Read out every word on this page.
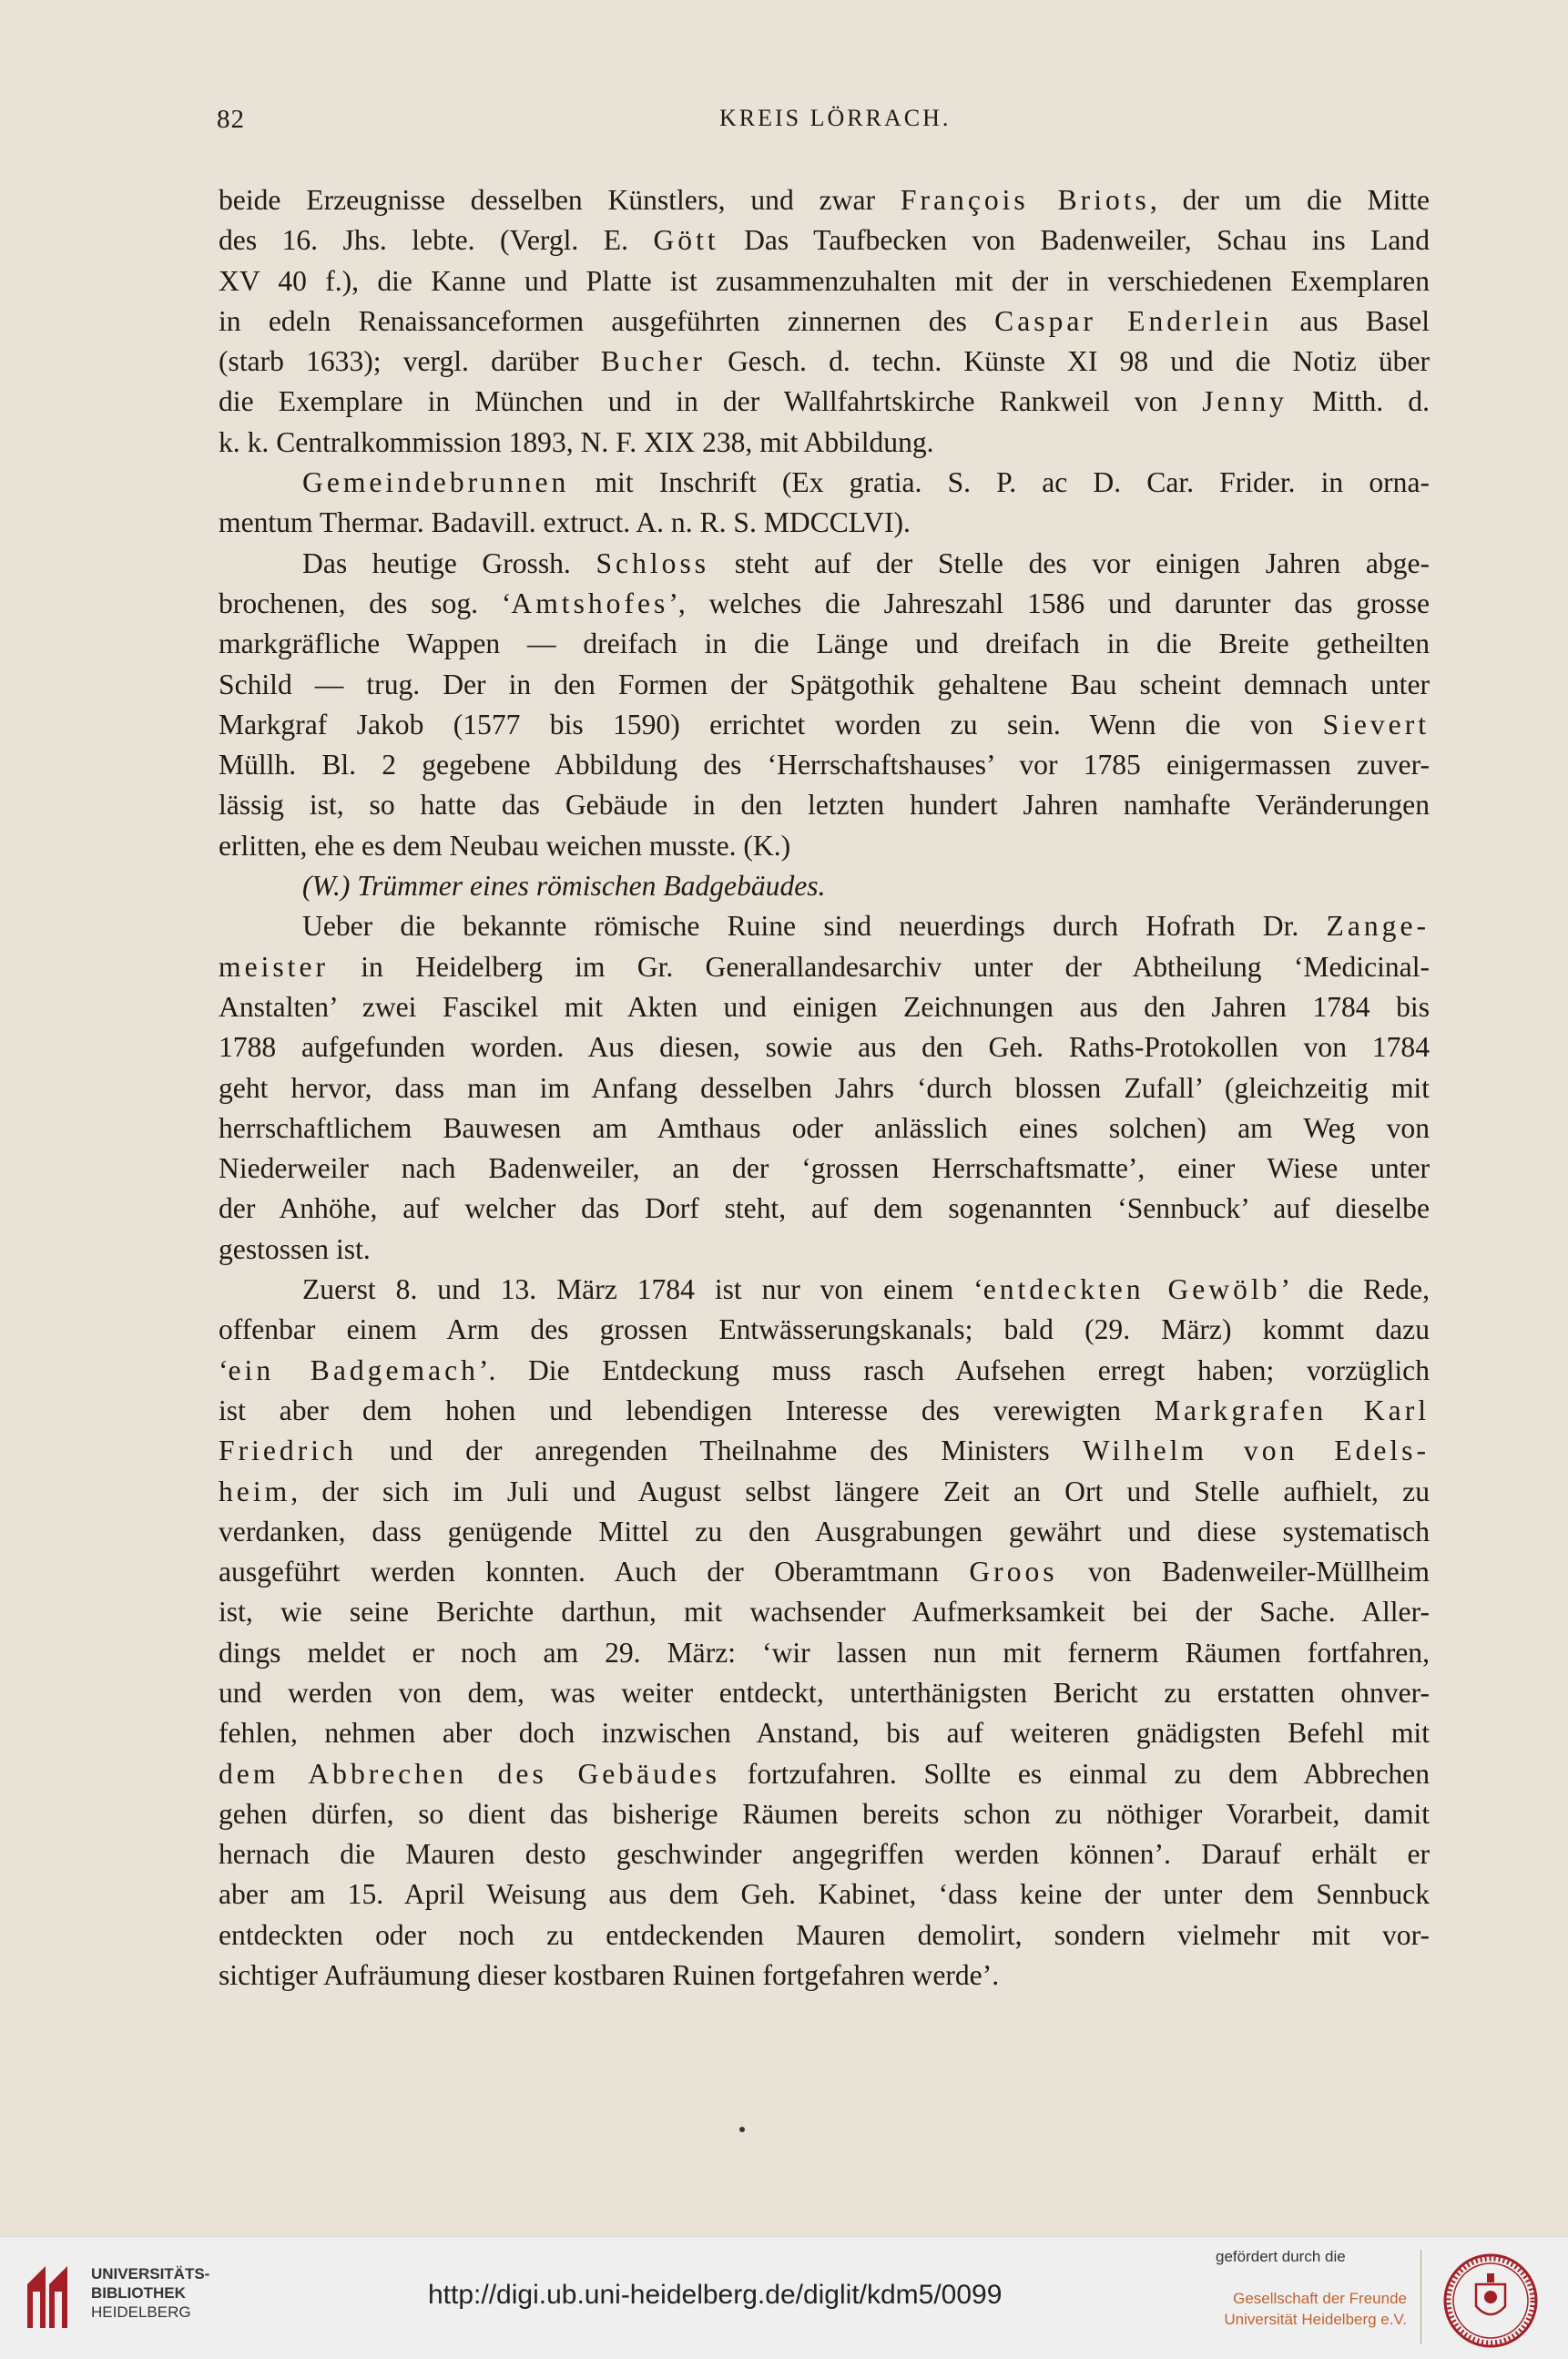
82	KREIS LÖRRACH.
beide Erzeugnisse desselben Künstlers, und zwar François Briots, der um die Mitte
des 16. Jhs. lebte. (Vergl. E. Gött Das Taufbecken von Badenweiler, Schau ins Land
XV 40 f.), die Kanne und Platte ist zusammenzuhalten mit der in verschiedenen Exemplaren
in edeln Renaissanceformen ausgeführten zinnernen des Caspar Enderlein aus Basel
(starb 1633); vergl. darüber Bucher Gesch. d. techn. Künste XI 98 und die Notiz über
die Exemplare in München und in der Wallfahrtskirche Rankweil von Jenny Mitth. d.
k. k. Centralkommission 1893, N. F. XIX 238, mit Abbildung.
Gemeindebrunnen mit Inschrift (Ex gratia. S. P. ac D. Car. Frider. in orna-
mentum Thermar. Badavill. extruct. A. n. R. S. MDCCLVI).
Das heutige Grossh. Schloss steht auf der Stelle des vor einigen Jahren abge-
brochenen, des sog. ‘Amtshofes’, welches die Jahreszahl 1586 und darunter das grosse
markgräfliche Wappen — dreifach in die Länge und dreifach in die Breite getheilten
Schild — trug. Der in den Formen der Spätgothik gehaltene Bau scheint demnach unter
Markgraf Jakob (1577 bis 1590) errichtet worden zu sein. Wenn die von Sievert
Müllh. Bl. 2 gegebene Abbildung des ‘Herrschaftshauses’ vor 1785 einigermassen zuver-
lässig ist, so hatte das Gebäude in den letzten hundert Jahren namhafte Veränderungen
erlitten, ehe es dem Neubau weichen musste. (K.)
(W.) Trümmer eines römischen Badgebäudes.
Ueber die bekannte römische Ruine sind neuerdings durch Hofrath Dr. Zange-
meister in Heidelberg im Gr. Generallandesarchiv unter der Abtheilung ‘Medicinal-
Anstalten’ zwei Fascikel mit Akten und einigen Zeichnungen aus den Jahren 1784 bis
1788 aufgefunden worden. Aus diesen, sowie aus den Geh. Raths-Protokollen von 1784
geht hervor, dass man im Anfang desselben Jahrs ‘durch blossen Zufall’ (gleichzeitig mit
herrschaftlichem Bauwesen am Amthaus oder anlässlich eines solchen) am Weg von
Niederweiler nach Badenweiler, an der ‘grossen Herrschaftsmatte’, einer Wiese unter
der Anhöhe, auf welcher das Dorf steht, auf dem sogenannten ‘Sennbuck’ auf dieselbe
gestossen ist.
Zuerst 8. und 13. März 1784 ist nur von einem ‘entdeckten Gewölb’ die Rede,
offenbar einem Arm des grossen Entwässerungskanals; bald (29. März) kommt dazu
‘ein Badgemach’. Die Entdeckung muss rasch Aufsehen erregt haben; vorzüglich
ist aber dem hohen und lebendigen Interesse des verewigten Markgrafen Karl
Friedrich und der anregenden Theilnahme des Ministers Wilhelm von Edels-
heim, der sich im Juli und August selbst längere Zeit an Ort und Stelle aufhielt, zu
verdanken, dass genügende Mittel zu den Ausgrabungen gewährt und diese systematisch
ausgeführt werden konnten. Auch der Oberamtmann Groos von Badenweiler-Müllheim
ist, wie seine Berichte darthun, mit wachsender Aufmerksamkeit bei der Sache. Aller-
dings meldet er noch am 29. März: ‘wir lassen nun mit fernerm Räumen fortfahren,
und werden von dem, was weiter entdeckt, unterthänigsten Bericht zu erstatten ohnver-
fehlen, nehmen aber doch inzwischen Anstand, bis auf weiteren gnädigsten Befehl mit
dem Abbrechen des Gebäudes fortzufahren. Sollte es einmal zu dem Abbrechen
gehen dürfen, so dient das bisherige Räumen bereits schon zu nöthiger Vorarbeit, damit
hernach die Mauren desto geschwinder angegriffen werden können’. Darauf erhält er
aber am 15. April Weisung aus dem Geh. Kabinet, ‘dass keine der unter dem Sennbuck
entdeckten oder noch zu entdeckenden Mauren demolirt, sondern vielmehr mit vor-
sichtiger Aufräumung dieser kostbaren Ruinen fortgefahren werde’.
UNIVERSITÄTS-
BIBLIOTHEK
HEIDELBERG
http://digi.ub.uni-heidelberg.de/diglit/kdm5/0099
gefördert durch die
Gesellschaft der Freunde
Universität Heidelberg e.V.
